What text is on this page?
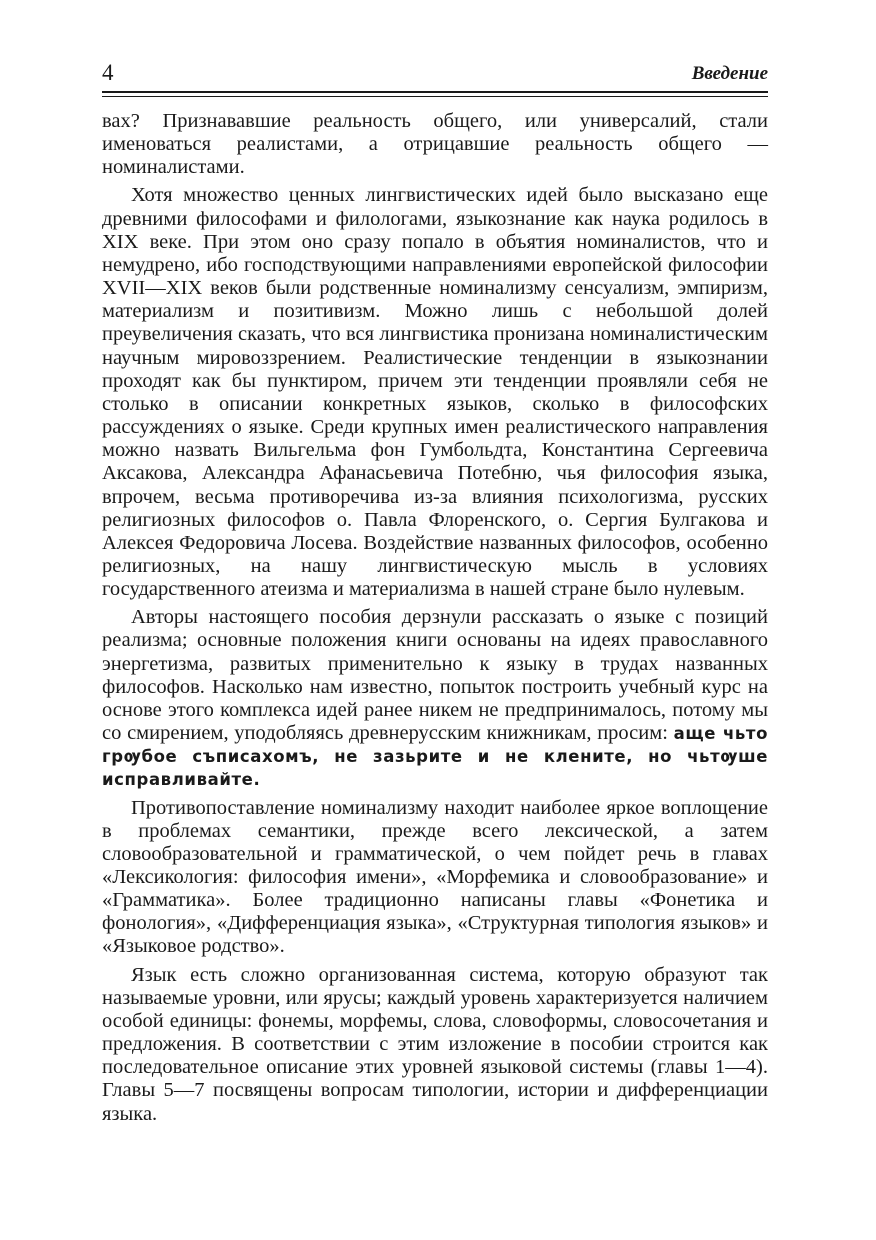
4	Введение

вах? Признававшие реальность общего, или универсалий, стали именоваться реалистами, а отрицавшие реальность общего — номиналистами.

Хотя множество ценных лингвистических идей было высказано еще древними философами и филологами, языкознание как наука родилось в XIX веке. При этом оно сразу попало в объятия номиналистов, что и немудрено, ибо господствующими направлениями европейской философии XVII—XIX веков были родственные номинализму сенсуализм, эмпиризм, материализм и позитивизм. Можно лишь с небольшой долей преувеличения сказать, что вся лингвистика пронизана номиналистическим научным мировоззрением. Реалистические тенденции в языкознании проходят как бы пунктиром, причем эти тенденции проявляли себя не столько в описании конкретных языков, сколько в философских рассуждениях о языке. Среди крупных имен реалистического направления можно назвать Вильгельма фон Гумбольдта, Константина Сергеевича Аксакова, Александра Афанасьевича Потебню, чья философия языка, впрочем, весьма противоречива из-за влияния психологизма, русских религиозных философов о. Павла Флоренского, о. Сергия Булгакова и Алексея Федоровича Лосева. Воздействие названных философов, особенно религиозных, на нашу лингвистическую мысль в условиях государственного атеизма и материализма в нашей стране было нулевым.

Авторы настоящего пособия дерзнули рассказать о языке с позиций реализма; основные положения книги основаны на идеях православного энергетизма, развитых применительно к языку в трудах названных философов. Насколько нам известно, попыток построить учебный курс на основе этого комплекса идей ранее никем не предпринималось, потому мы со смирением, уподобляясь древнерусским книжникам, просим: аще чьто грѹбое съписахомъ, не зазьрите и не клените, но чьтѹше исправливайте.

Противопоставление номинализму находит наиболее яркое воплощение в проблемах семантики, прежде всего лексической, а затем словообразовательной и грамматической, о чем пойдет речь в главах «Лексикология: философия имени», «Морфемика и словообразование» и «Грамматика». Более традиционно написаны главы «Фонетика и фонология», «Дифференциация языка», «Структурная типология языков» и «Языковое родство».

Язык есть сложно организованная система, которую образуют так называемые уровни, или ярусы; каждый уровень характеризуется наличием особой единицы: фонемы, морфемы, слова, словоформы, словосочетания и предложения. В соответствии с этим изложение в пособии строится как последовательное описание этих уровней языковой системы (главы 1—4). Главы 5—7 посвящены вопросам типологии, истории и дифференциации языка.
